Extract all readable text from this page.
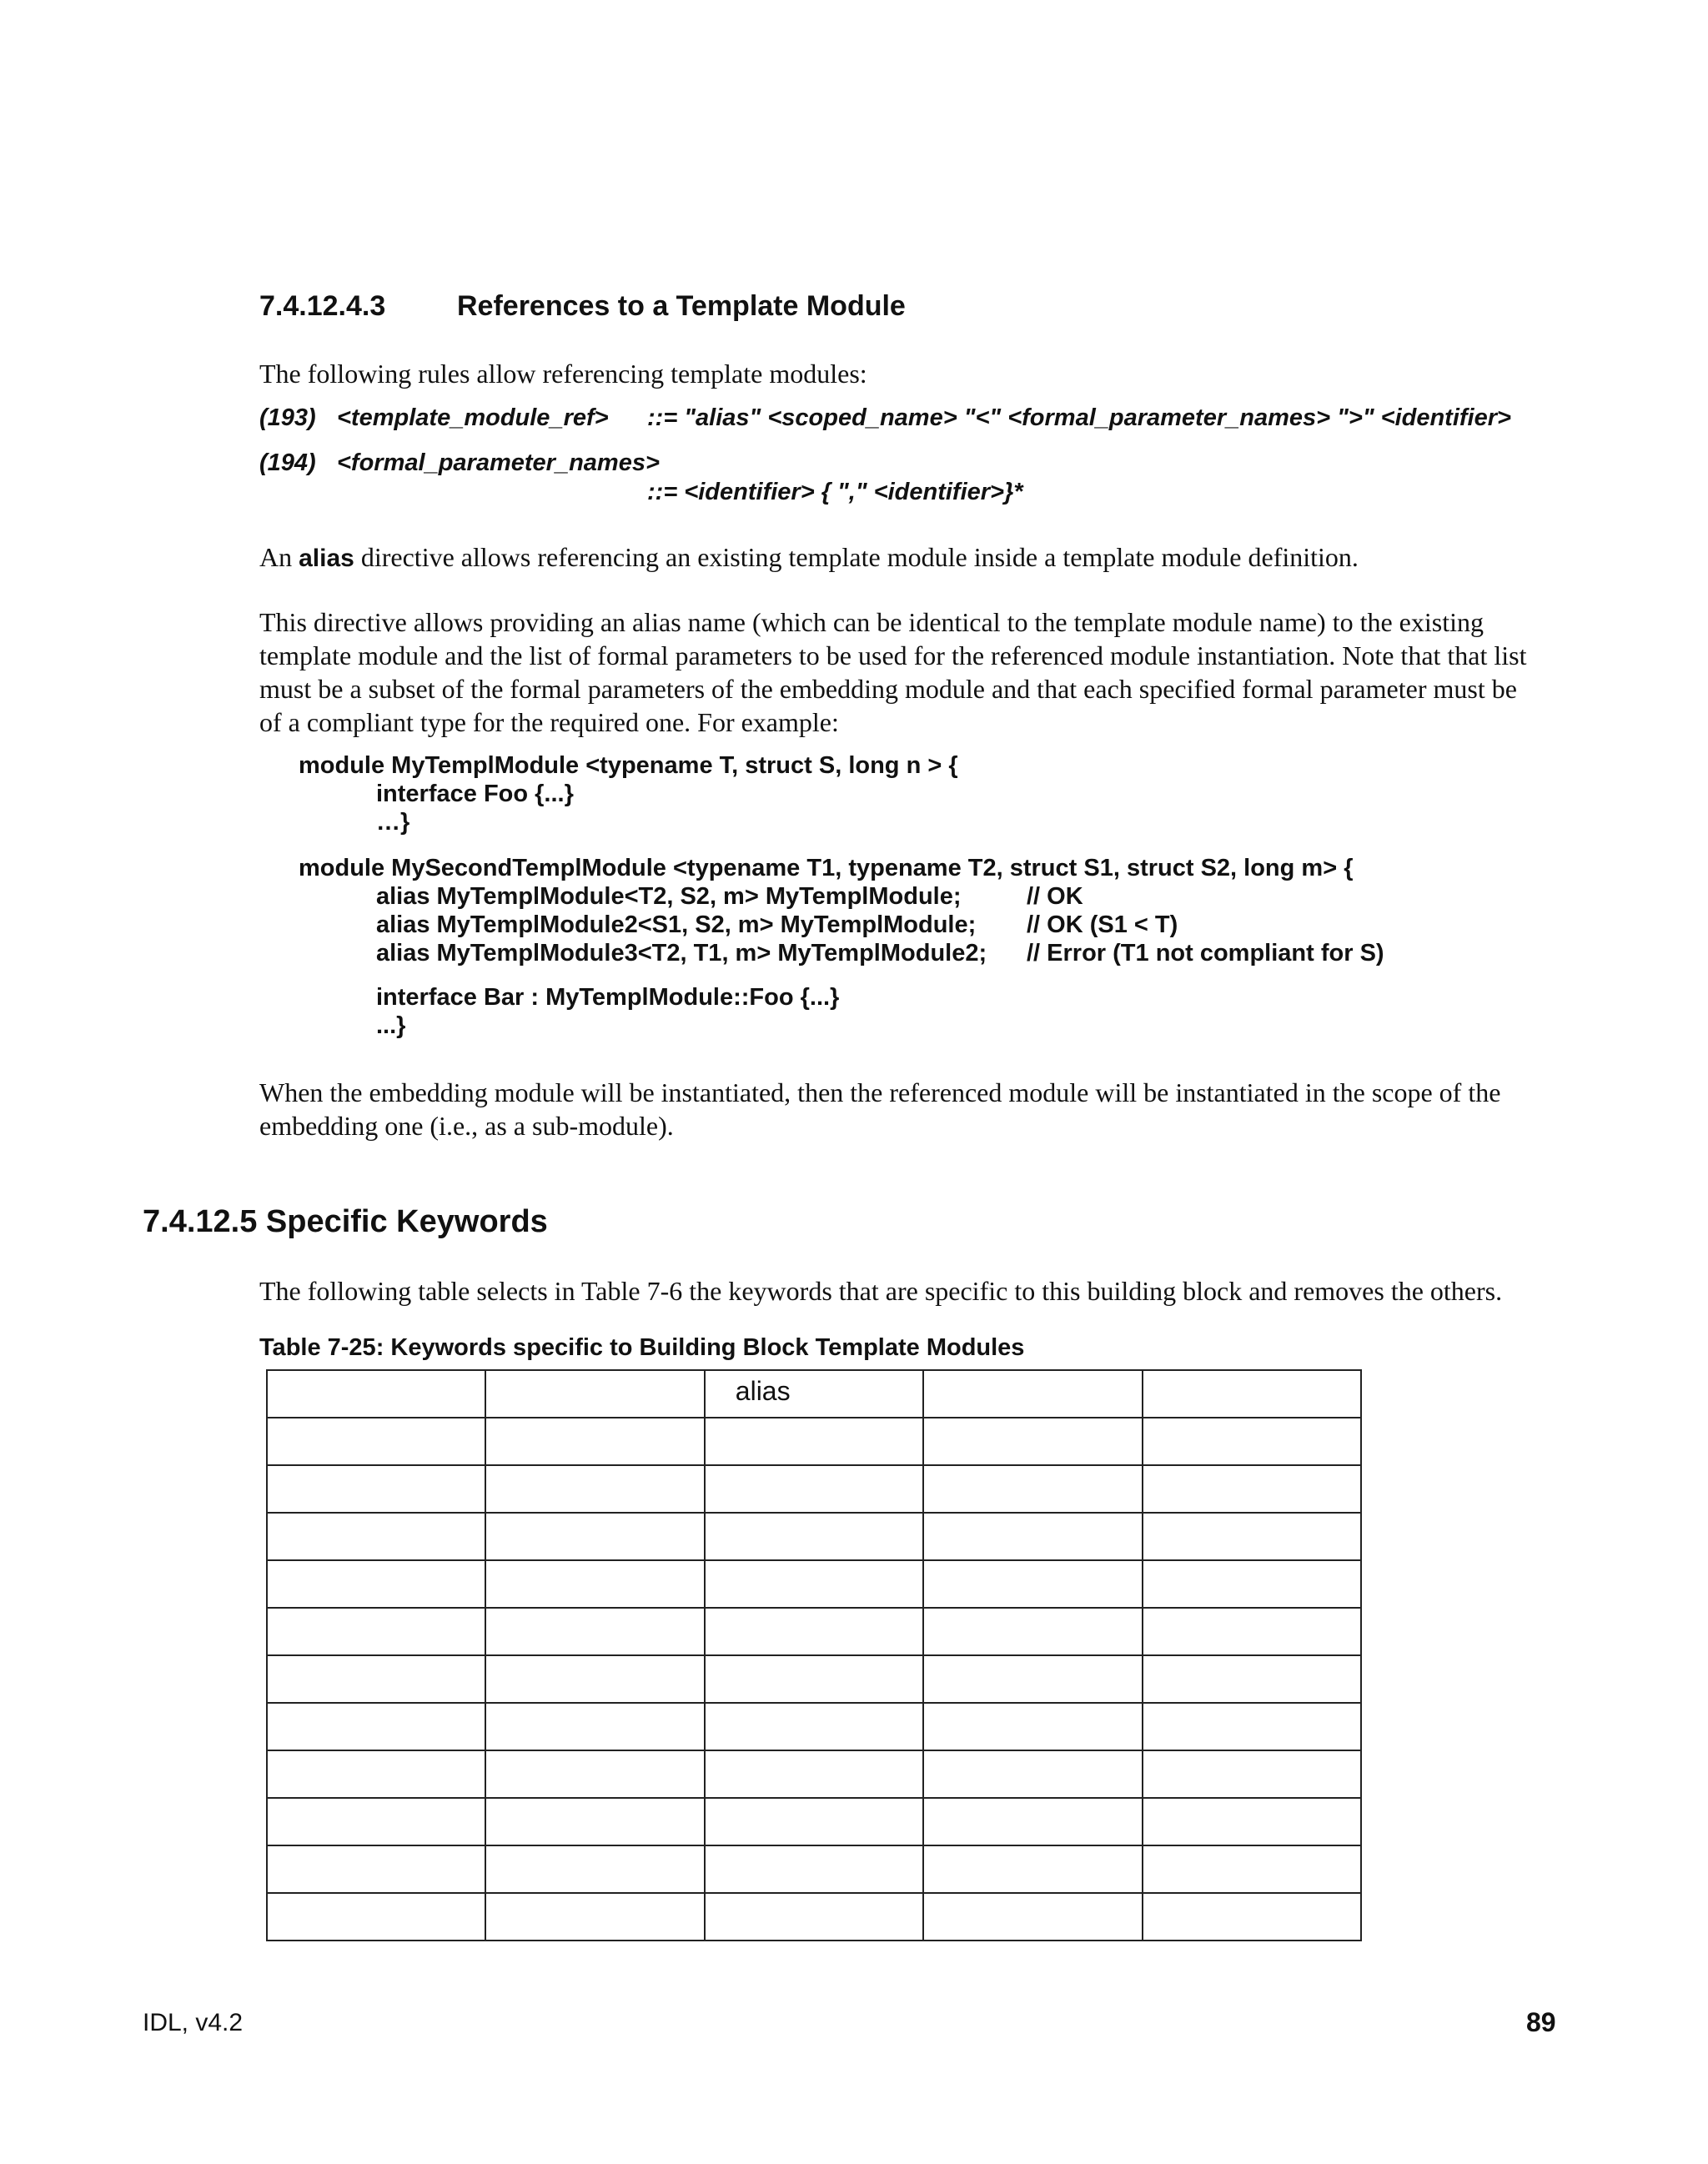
7.4.12.4.3	References to a Template Module
The following rules allow referencing template modules:
(193) <template_module_ref> ::= "alias" <scoped_name> "<" <formal_parameter_names> ">" <identifier>
(194) <formal_parameter_names>
::= <identifier> { "," <identifier>}*
An alias directive allows referencing an existing template module inside a template module definition.
This directive allows providing an alias name (which can be identical to the template module name) to the existing
template module and the list of formal parameters to be used for the referenced module instantiation. Note that that list
must be a subset of the formal parameters of the embedding module and that each specified formal parameter must be
of a compliant type for the required one. For example:
module MyTemplModule <typename T, struct S, long n > {
interface Foo {...}
…}
module MySecondTemplModule <typename T1, typename T2, struct S1, struct S2, long m> {
alias MyTemplModule<T2, S2, m> MyTemplModule;	// OK
alias MyTemplModule2<S1, S2, m> MyTemplModule; // OK (S1 < T)
alias MyTemplModule3<T2, T1, m> MyTemplModule2; // Error (T1 not compliant for S)
interface Bar : MyTemplModule::Foo {...}
...}
When the embedding module will be instantiated, then the referenced module will be instantiated in the scope of the
embedding one (i.e., as a sub-module).
7.4.12.5 Specific Keywords
The following table selects in Table 7-6 the keywords that are specific to this building block and removes the others.
Table 7-25: Keywords specific to Building Block Template Modules

		alias		

IDL, v4.2	89
